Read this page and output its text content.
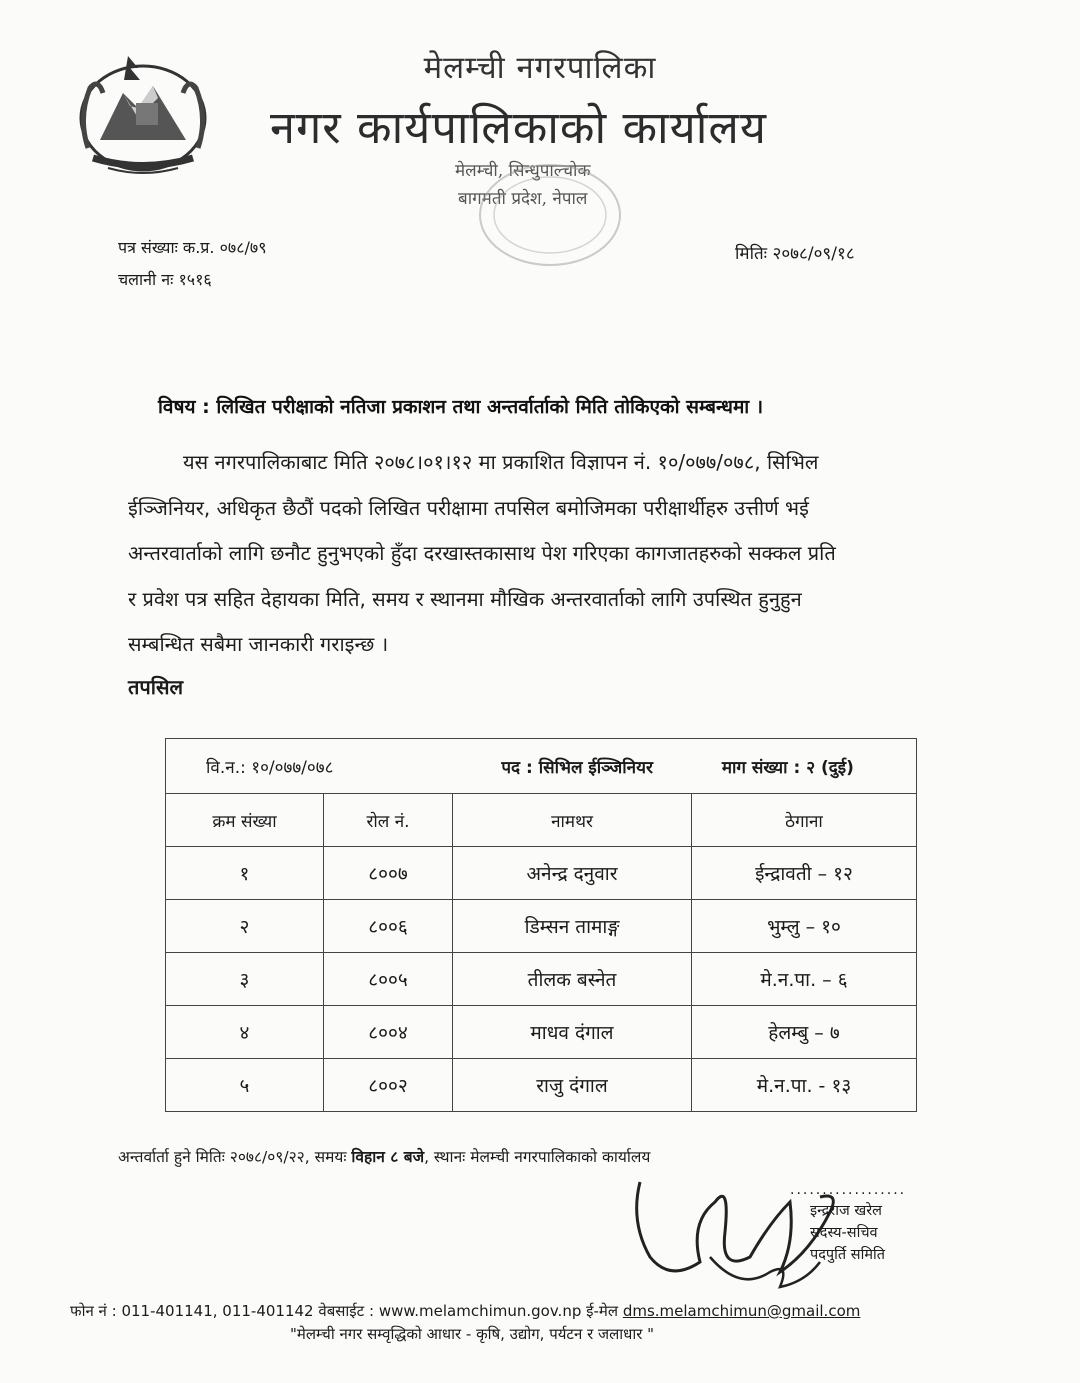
मेलम्ची नगरपालिका
नगर कार्यपालिकाको कार्यालय
मेलम्ची, सिन्धुपाल्चोक
बागमती प्रदेश, नेपाल
पत्र संख्याः क.प्र. ०७८/७९
चलानी नः १५१६
मितिः २०७८/०९/१८
विषय : लिखित परीक्षाको नतिजा प्रकाशन तथा अन्तर्वार्ताको मिति तोकिएको सम्बन्धमा ।
यस नगरपालिकाबाट मिति २०७८।०१।१२ मा प्रकाशित विज्ञापन नं. १०/०७७/०७८, सिभिल
ईञ्जिनियर, अधिकृत छैठौं पदको लिखित परीक्षामा तपसिल बमोजिमका परीक्षार्थीहरु उत्तीर्ण भई
अन्तरवार्ताको लागि छनौट हुनुभएको हुँदा दरखास्तकासाथ पेश गरिएका कागजातहरुको सक्कल प्रति
र प्रवेश पत्र सहित देहायका मिति, समय र स्थानमा मौखिक अन्तरवार्ताको लागि उपस्थित हुनुहुन
सम्बन्धित सबैमा जानकारी गराइन्छ ।
तपसिल
वि.न.: १०/०७७/०७८ पद : सिभिल ईञ्जिनियर माग संख्या : २ (दुई)			
क्रम संख्या	रोल नं.	नामथर	ठेगाना
१	८००७	अनेन्द्र दनुवार	ईन्द्रावती – १२
२	८००६	डिम्सन तामाङ्ग	भुम्लु – १०
३	८००५	तीलक बस्नेत	मे.न.पा. – ६
४	८००४	माधव दंगाल	हेलम्बु – ७
५	८००२	राजु दंगाल	मे.न.पा. - १३
अन्तर्वार्ता हुने मितिः २०७८/०९/२२, समयः विहान ८ बजे, स्थानः मेलम्ची नगरपालिकाको कार्यालय
..................
इन्द्रराज खरेल
सदस्य-सचिव
पदपुर्ति समिति
फोन नं : 011-401141, 011-401142 वेबसाईट : www.melamchimun.gov.np ई-मेल dms.melamchimun@gmail.com
"मेलम्ची नगर सम्वृद्धिको आधार - कृषि, उद्योग, पर्यटन र जलाधार "
